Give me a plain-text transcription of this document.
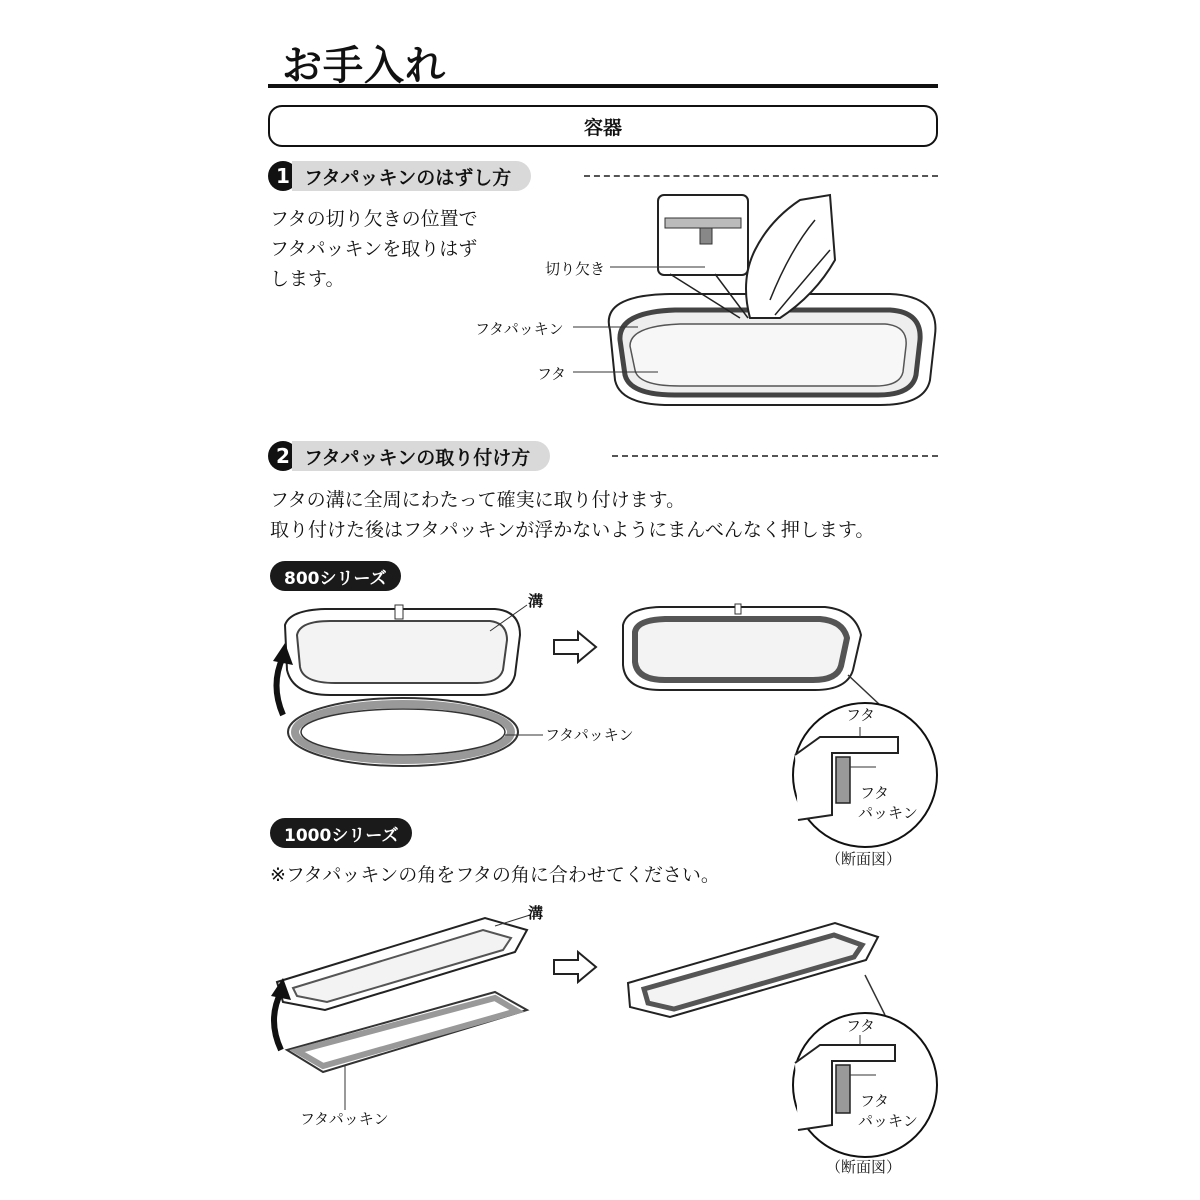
お手入れ
容器
1 フタパッキンのはずし方

フタの切り欠きの位置で
フタパッキンを取りはず
します。	切り欠き
フタパッキン
フタ
2 フタパッキンの取り付け方

フタの溝に全周にわたって確実に取り付けます。
取り付けた後はフタパッキンが浮かないようにまんべんなく押します。

800シリーズ
溝
フタパッキン
フタ
フタ
パッキン
（断面図）
1000シリーズ
※フタパッキンの角をフタの角に合わせてください。
溝
フタパッキン
フタ
フタ
パッキン
（断面図）
